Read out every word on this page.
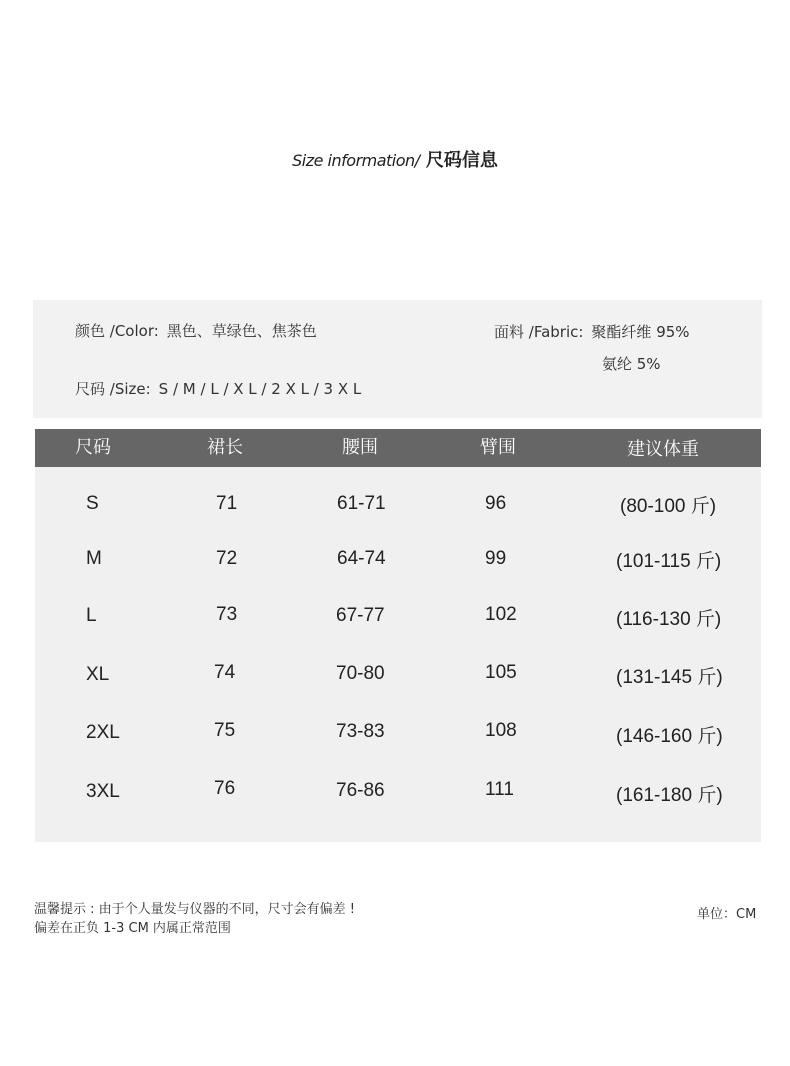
Size information/ 尺码信息
颜色 /Color: 黑色、草绿色、焦茶色
尺码 /Size: S / M / L / X L / 2 X L / 3 X L
面料 /Fabric: 聚酯纤维 95%
氨纶 5%
尺码	裙长	腰围	臂围	建议体重
S	71	61-71	96	(80-100 斤)
M	72	64-74	99	(101-115 斤)
L	73	67-77	102	(116-130 斤)
XL	74	70-80	105	(131-145 斤)
2XL	75	73-83	108	(146-160 斤)
3XL	76	76-86	111	(161-180 斤)
温馨提示 : 由于个人量发与仪器的不同，尺寸会有偏差 !
偏差在正负 1-3 CM 内属正常范围
单位：CM
